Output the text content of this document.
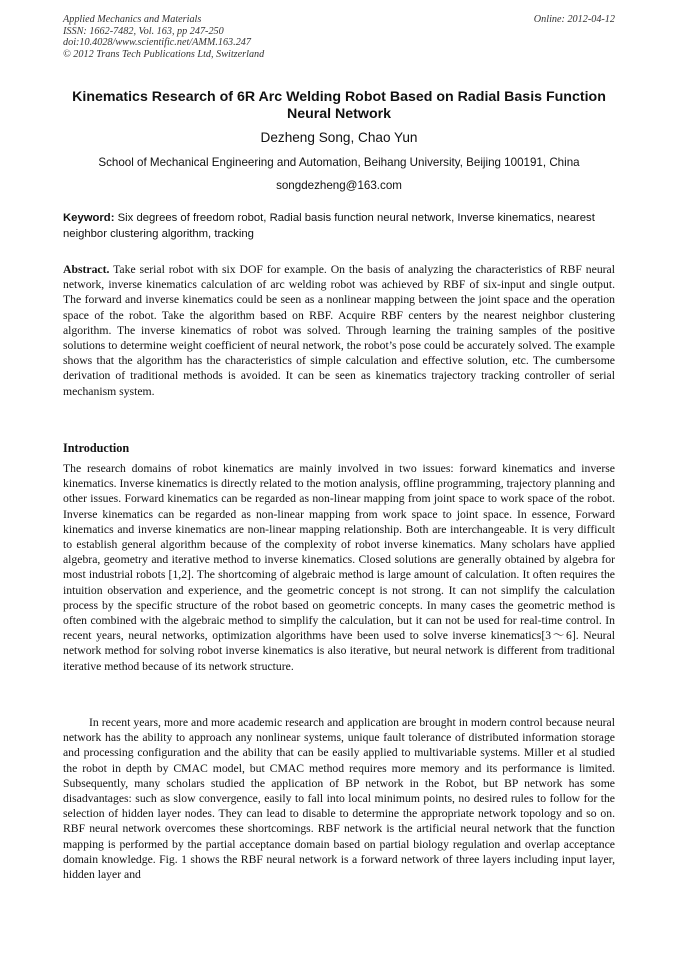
Applied Mechanics and Materials
ISSN: 1662-7482, Vol. 163, pp 247-250
doi:10.4028/www.scientific.net/AMM.163.247
© 2012 Trans Tech Publications Ltd, Switzerland
Online: 2012-04-12
Kinematics Research of 6R Arc Welding Robot Based on Radial Basis Function Neural Network
Dezheng Song, Chao Yun
School of Mechanical Engineering and Automation, Beihang University, Beijing 100191, China
songdezheng@163.com
Keyword: Six degrees of freedom robot, Radial basis function neural network, Inverse kinematics, nearest neighbor clustering algorithm, tracking
Abstract. Take serial robot with six DOF for example. On the basis of analyzing the characteristics of RBF neural network, inverse kinematics calculation of arc welding robot was achieved by RBF of six-input and single output. The forward and inverse kinematics could be seen as a nonlinear mapping between the joint space and the operation space of the robot. Take the algorithm based on RBF. Acquire RBF centers by the nearest neighbor clustering algorithm. The inverse kinematics of robot was solved. Through learning the training samples of the positive solutions to determine weight coefficient of neural network, the robot’s pose could be accurately solved. The example shows that the algorithm has the characteristics of simple calculation and effective solution, etc. The cumbersome derivation of traditional methods is avoided. It can be seen as kinematics trajectory tracking controller of serial mechanism system.
Introduction
The research domains of robot kinematics are mainly involved in two issues: forward kinematics and inverse kinematics. Inverse kinematics is directly related to the motion analysis, offline programming, trajectory planning and other issues. Forward kinematics can be regarded as non-linear mapping from joint space to work space of the robot. Inverse kinematics can be regarded as non-linear mapping from work space to joint space. In essence, Forward kinematics and inverse kinematics are non-linear mapping relationship. Both are interchangeable. It is very difficult to establish general algorithm because of the complexity of robot inverse kinematics. Many scholars have applied algebra, geometry and iterative method to inverse kinematics. Closed solutions are generally obtained by algebra for most industrial robots [1,2]. The shortcoming of algebraic method is large amount of calculation. It often requires the intuition observation and experience, and the geometric concept is not strong. It can not simplify the calculation process by the specific structure of the robot based on geometric concepts. In many cases the geometric method is often combined with the algebraic method to simplify the calculation, but it can not be used for real-time control. In recent years, neural networks, optimization algorithms have been used to solve inverse kinematics[3～6]. Neural network method for solving robot inverse kinematics is also iterative, but neural network is different from traditional iterative method because of its network structure.
In recent years, more and more academic research and application are brought in modern control because neural network has the ability to approach any nonlinear systems, unique fault tolerance of distributed information storage and processing configuration and the ability that can be easily applied to multivariable systems. Miller et al studied the robot in depth by CMAC model, but CMAC method requires more memory and its performance is limited. Subsequently, many scholars studied the application of BP network in the Robot, but BP network has some disadvantages: such as slow convergence, easily to fall into local minimum points, no desired rules to follow for the selection of hidden layer nodes. They can lead to disable to determine the appropriate network topology and so on. RBF neural network overcomes these shortcomings. RBF network is the artificial neural network that the function mapping is performed by the partial acceptance domain based on partial biology regulation and overlap acceptance domain knowledge. Fig. 1 shows the RBF neural network is a forward network of three layers including input layer, hidden layer and
